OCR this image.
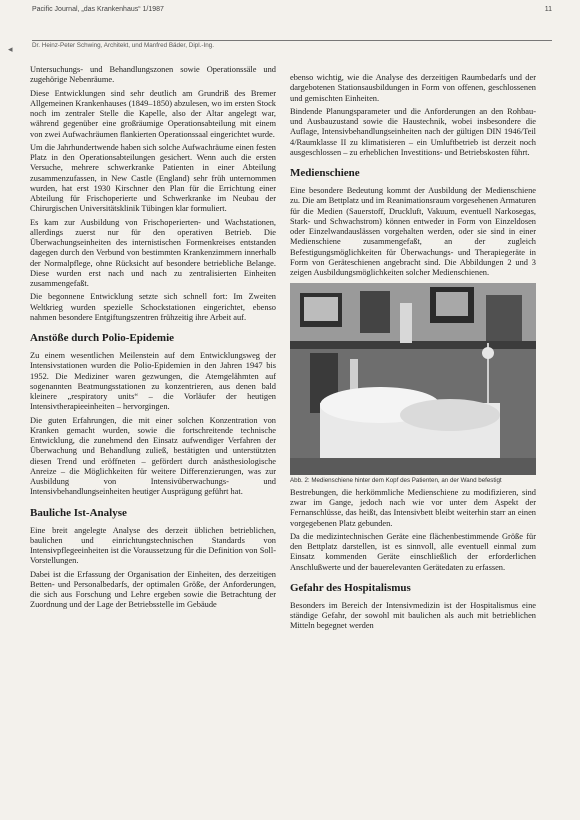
Pacific Journal, „das Krankenhaus“ 1/1987	11
Dr. Heinz-Peter Schwing, Architekt, und Manfred Bäder, Dipl.-Ing.
◂

Untersuchungs- und Behandlungszonen sowie Operationssäle und zugehörige Nebenräume.

Diese Entwicklungen sind sehr deutlich am Grundriß des Bremer Allgemeinen Krankenhauses (1849–1850) abzulesen, wo im ersten Stock noch im zentraler Stelle die Kapelle, also der Altar angelegt war, während gegenüber eine großräumige Operationsabteilung mit einem von zwei Aufwachräumen flankierten Operationssaal eingerichtet wurde.

Um die Jahrhundertwende haben sich solche Aufwachräume einen festen Platz in den Operationsabteilungen gesichert. Wenn auch die ersten Versuche, mehrere schwerkranke Patienten in einer Abteilung zusammenzufassen, in New Castle (England) sehr früh unternommen wurden, hat erst 1930 Kirschner den Plan für die Errichtung einer Abteilung für Frischoperierte und Schwerkranke im Neubau der Chirurgischen Universitätsklinik Tübingen klar formuliert.

Es kam zur Ausbildung von Frischoperierten- und Wachstationen, allerdings zuerst nur für den operativen Betrieb. Die Überwachungseinheiten des internistischen Formenkreises entstanden dagegen durch den Verbund von bestimmten Krankenzimmern innerhalb der Normalpflege, ohne Rücksicht auf besondere betriebliche Belange. Diese wurden erst nach und nach zu zentralisierten Einheiten zusammengefaßt.

Die begonnene Entwicklung setzte sich schnell fort: Im Zweiten Weltkrieg wurden spezielle Schockstationen eingerichtet, ebenso nahmen besondere Entgiftungszentren frühzeitig ihre Arbeit auf.

Anstöße durch Polio-Epidemie

Zu einem wesentlichen Meilenstein auf dem Entwicklungsweg der Intensivstationen wurden die Polio-Epidemien in den Jahren 1947 bis 1952. Die Mediziner waren gezwungen, die Atemgelähmten auf sogenannten Beatmungsstationen zu konzentrieren, aus denen bald kleinere „respiratory units“ – die Vorläufer der heutigen Intensivtherapieeinheiten – hervorgingen.

Die guten Erfahrungen, die mit einer solchen Konzentration von Kranken gemacht wurden, sowie die fortschreitende technische Entwicklung, die zunehmend den Einsatz aufwendiger Verfahren der Überwachung und Behandlung zuließ, bestätigten und unterstützten diesen Trend und eröffneten – gefördert durch anästhesiologische Anreize – die Möglichkeiten für weitere Differenzierungen, was zur Ausbildung von Intensivüberwachungs- und Intensivbehandlungseinheiten heutiger Ausprägung geführt hat.

Bauliche Ist-Analyse

Eine breit angelegte Analyse des derzeit üblichen betrieblichen, baulichen und einrichtungstechnischen Standards von Intensivpflegeeinheiten ist die Voraussetzung für die Definition von Soll-Vorstellungen.

Dabei ist die Erfassung der Organisation der Einheiten, des derzeitigen Betten- und Personalbedarfs, der optimalen Größe, der Anforderungen, die sich aus Forschung und Lehre ergeben sowie die Betrachtung der Zuordnung und der Lage der Betriebsstelle im Gebäude

ebenso wichtig, wie die Analyse des derzeitigen Raumbedarfs und der dargebotenen Stationsausbildungen in Form von offenen, geschlossenen und gemischten Einheiten.

Bindende Planungsparameter und die Anforderungen an den Rohbau- und Ausbauzustand sowie die Haustechnik, wobei insbesondere die Auflage, Intensivbehandlungseinheiten nach der gültigen DIN 1946/Teil 4/Raumklasse II zu klimatisieren – ein Umluftbetrieb ist derzeit noch ausgeschlossen – zu erheblichen Investitions- und Betriebskosten führt.

Medienschiene

Eine besondere Bedeutung kommt der Ausbildung der Medienschiene zu. Die am Bettplatz und im Reanimationsraum vorgesehenen Armaturen für die Medien (Sauerstoff, Druckluft, Vakuum, eventuell Narkosegas, Stark- und Schwachstrom) können entweder in Form von Einzeldosen oder Einzelwandauslässen vorgehalten werden, oder sie sind in einer Medienschiene zusammengefaßt, an der zugleich Befestigungsmöglichkeiten für Überwachungs- und Therapiegeräte in Form von Geräteschienen angebracht sind. Die Abbildungen 2 und 3 zeigen Ausbildungsmöglichkeiten solcher Medienschienen.

Abb. 2: Medienschiene hinter dem Kopf des Patienten, an der Wand befestigt

Bestrebungen, die herkömmliche Medienschiene zu modifizieren, sind zwar im Gange, jedoch nach wie vor unter dem Aspekt der Fernanschlüsse, das heißt, das Intensivbett bleibt weiterhin starr an einen vorgegebenen Platz gebunden.

Da die medizintechnischen Geräte eine flächenbestimmende Größe für den Bettplatz darstellen, ist es sinnvoll, alle eventuell einmal zum Einsatz kommenden Geräte einschließlich der erforderlichen Anschlußwerte und der bauerelevanten Gerätedaten zu erfassen.

Gefahr des Hospitalismus

Besonders im Bereich der Intensivmedizin ist der Hospitalismus eine ständige Gefahr, der sowohl mit baulichen als auch mit betrieblichen Mitteln begegnet werden
